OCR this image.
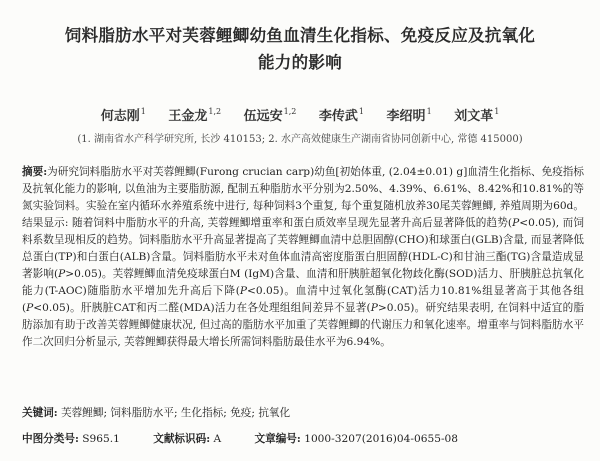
饲料脂肪水平对芙蓉鲤鲫幼鱼血清生化指标、免疫反应及抗氧化
能力的影响
何志刚$^1$ 王金龙$^{1,2}$ 伍远安$^{1,2}$ 李传武$^1$ 李绍明$^1$ 刘文革$^1$
(1. 湖南省水产科学研究所, 长沙 410153; 2. 水产高效健康生产湖南省协同创新中心, 常德 415000)
摘要:为研究饲料脂肪水平对芙蓉鲤鲫(Furong crucian carp)幼鱼[初始体重, (2.04±0.01) g]血清生化指标、免疫指标及抗氧化能力的影响, 以鱼油为主要脂肪源, 配制五种脂肪水平分别为2.50%、4.39%、6.61%、8.42%和10.81%的等氮实验饲料。实验在室内循环水养殖系统中进行, 每种饲料3个重复, 每个重复随机放养30尾芙蓉鲤鲫, 养殖周期为60d。结果显示: 随着饲料中脂肪水平的升高, 芙蓉鲤鲫增重率和蛋白质效率呈现先显著升高后显著降低的趋势(P<0.05), 而饲料系数呈现相反的趋势。饲料脂肪水平升高显著提高了芙蓉鲤鲫血清中总胆固醇(CHO)和球蛋白(GLB)含量, 而显著降低总蛋白(TP)和白蛋白(ALB)含量。饲料脂肪水平未对鱼体血清高密度脂蛋白胆固醇(HDL-C)和甘油三酯(TG)含量造成显著影响(P>0.05)。芙蓉鲤鲫血清免疫球蛋白M (IgM)含量、血清和肝胰脏超氧化物歧化酶(SOD)活力、肝胰脏总抗氧化能力(T-AOC)随脂肪水平增加先升高后下降(P<0.05)。血清中过氧化氢酶(CAT)活力10.81%组显著高于其他各组(P<0.05)。肝胰脏CAT和丙二醛(MDA)活力在各处理组组间差异不显著(P>0.05)。研究结果表明, 在饲料中适宜的脂肪添加有助于改善芙蓉鲤鲫健康状况, 但过高的脂肪水平加重了芙蓉鲤鲫的代谢压力和氧化速率。增重率与饲料脂肪水平作二次回归分析显示, 芙蓉鲤鲫获得最大增长所需饲料脂肪最佳水平为6.94%。
关键词: 芙蓉鲤鲫; 饲料脂肪水平; 生化指标; 免疫; 抗氧化
中图分类号: S965.1	文献标识码: A	文章编号: 1000-3207(2016)04-0655-08
